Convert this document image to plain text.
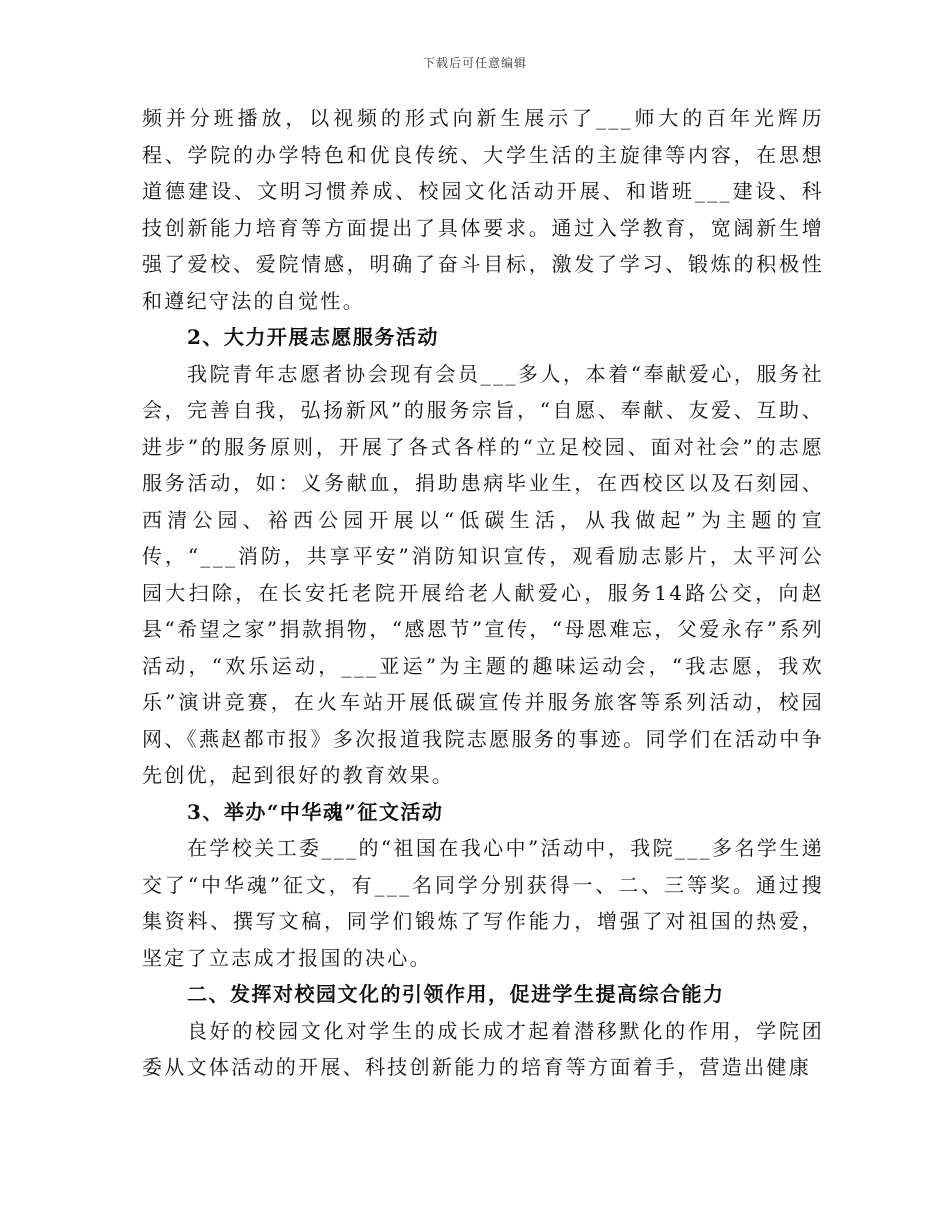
下载后可任意编辑

频并分班播放，以视频的形式向新生展示了___师大的百年光辉历程、学院的办学特色和优良传统、大学生活的主旋律等内容，在思想道德建设、文明习惯养成、校园文化活动开展、和谐班___建设、科技创新能力培育等方面提出了具体要求。通过入学教育，宽阔新生增强了爱校、爱院情感，明确了奋斗目标，激发了学习、锻炼的积极性和遵纪守法的自觉性。

2、大力开展志愿服务活动

我院青年志愿者协会现有会员___多人，本着“奉献爱心，服务社会，完善自我，弘扬新风”的服务宗旨，“自愿、奉献、友爱、互助、进步”的服务原则，开展了各式各样的“立足校园、面对社会”的志愿服务活动，如：义务献血，捐助患病毕业生，在西校区以及石刻园、西清公园、裕西公园开展以“低碳生活，从我做起”为主题的宣传，“___消防，共享平安”消防知识宣传，观看励志影片，太平河公园大扫除，在长安托老院开展给老人献爱心，服务14路公交，向赵县“希望之家”捐款捐物，“感恩节”宣传，“母恩难忘，父爱永存”系列活动，“欢乐运动，___亚运”为主题的趣味运动会，“我志愿，我欢乐”演讲竞赛，在火车站开展低碳宣传并服务旅客等系列活动，校园网、《燕赵都市报》多次报道我院志愿服务的事迹。同学们在活动中争先创优，起到很好的教育效果。

3、举办“中华魂”征文活动

在学校关工委___的“祖国在我心中”活动中，我院___多名学生递交了“中华魂”征文，有___名同学分别获得一、二、三等奖。通过搜集资料、撰写文稿，同学们锻炼了写作能力，增强了对祖国的热爱，坚定了立志成才报国的决心。

二、发挥对校园文化的引领作用，促进学生提高综合能力

良好的校园文化对学生的成长成才起着潜移默化的作用，学院团委从文体活动的开展、科技创新能力的培育等方面着手，营造出健康
